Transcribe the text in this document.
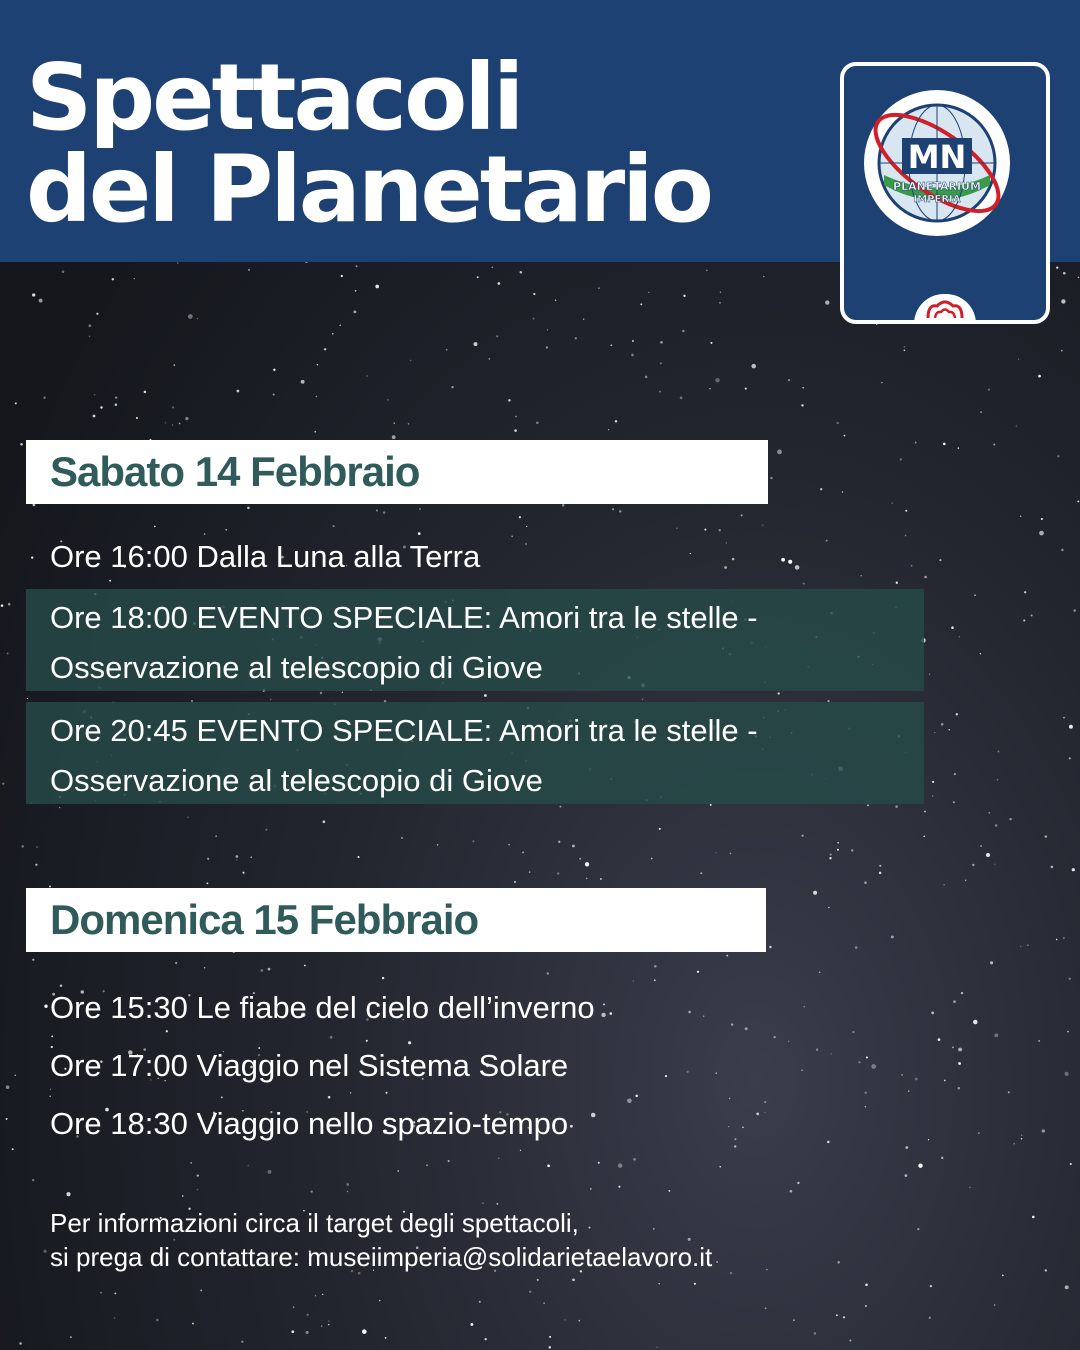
Spettacoli
del Planetario	MN
PLANETARIUM
IMPERIA
Sabato 14 Febbraio
Ore 16:00 Dalla Luna alla Terra
Ore 18:00 EVENTO SPECIALE: Amori tra le stelle - Osservazione al telescopio di Giove
Ore 20:45 EVENTO SPECIALE: Amori tra le stelle - Osservazione al telescopio di Giove
Domenica 15 Febbraio
Ore 15:30 Le fiabe del cielo dell’inverno
Ore 17:00 Viaggio nel Sistema Solare
Ore 18:30 Viaggio nello spazio-tempo
Per informazioni circa il target degli spettacoli,
si prega di contattare: museiimperia@solidarietaelavoro.it
